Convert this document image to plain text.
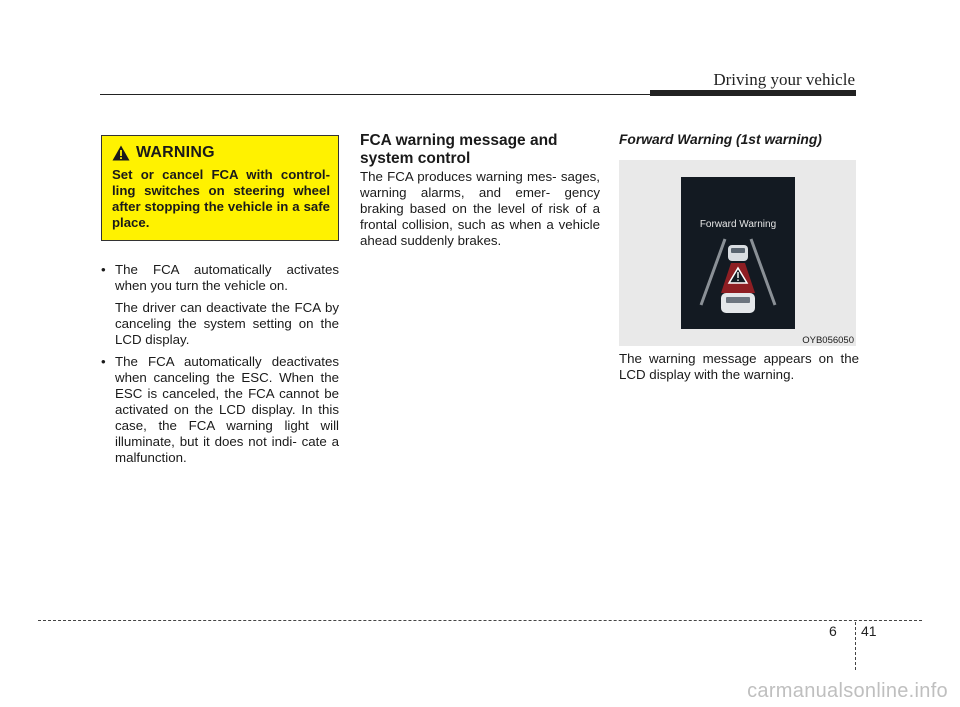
Driving your vehicle
WARNING
Set or cancel FCA with control- ling switches on steering wheel after stopping the vehicle in a safe place.
• The FCA automatically activates when you turn the vehicle on.

The driver can deactivate the FCA by canceling the system setting on the LCD display.

• The FCA automatically deactivates when canceling the ESC. When the ESC is canceled, the FCA cannot be activated on the LCD display. In this case, the FCA warning light will illuminate, but it does not indi- cate a malfunction.

FCA warning message and system control
The FCA produces warning mes- sages, warning alarms, and emer- gency braking based on the level of risk of a frontal collision, such as when a vehicle ahead suddenly brakes.
Forward Warning (1st warning)
Forward Warning
OYB056050
The warning message appears on the LCD display with the warning.
6 41
carmanualsonline.info
